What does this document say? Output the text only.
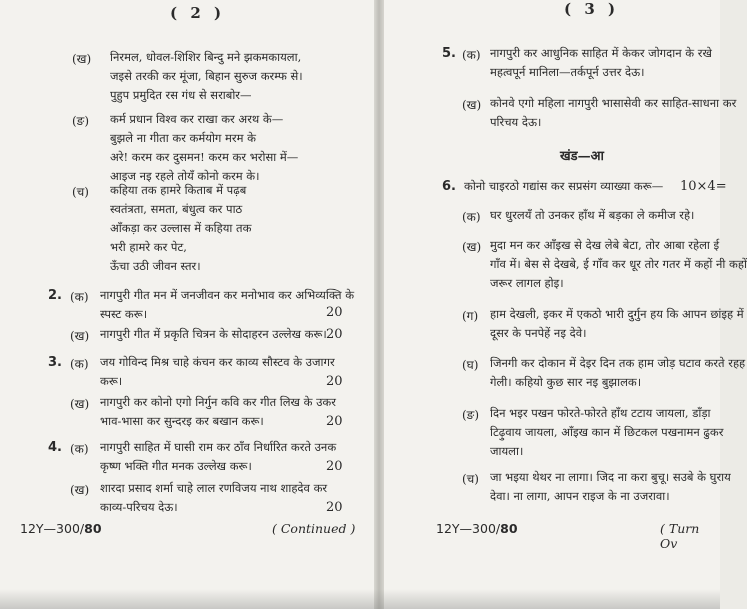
( 2 )
(ख) निरमल, धोवल-शिशिर बिन्दु मने झकमकायला,
जइसे तरकी कर मूंजा, बिहान सुरुज करम्फ से।
पुहुप प्रमुदित रस गंध से सराबोर—
(ङ) कर्म प्रधान विश्व कर राखा कर अरथ के—
बुझले ना गीता कर कर्मयोग मरम के
अरे! करम कर दुसमन! करम कर भरोसा में—
आइज नइ रहले तोयँ कोनो करम के।
(च) कहिया तक हामरे किताब में पढ़ब
स्वतंत्रता, समता, बंधुत्व कर पाठ
आँकड़ा कर उल्लास में कहिया तक
भरी हामरे कर पेट,
ऊँचा उठी जीवन स्तर।
2. (क) नागपुरी गीत मन में जनजीवन कर मनोभाव कर अभिव्यक्ति के
स्पस्ट करू।	20
(ख) नागपुरी गीत में प्रकृति चित्रन के सोदाहरन उल्लेख करू। 20
3. (क) जय गोविन्द मिश्र चाहे कंचन कर काव्य सौस्टव के उजागर
करू।	20
(ख) नागपुरी कर कोनो एगो निर्गुन कवि कर गीत लिख के उकर
भाव-भासा कर सुन्दरइ कर बखान करू।	20
4. (क) नागपुरी साहित में घासी राम कर ठाँव निर्धारित करते उनक
कृष्ण भक्ति गीत मनक उल्लेख करू।	20
(ख) शारदा प्रसाद शर्मा चाहे लाल रणविजय नाथ शाहदेव कर
काव्य-परिचय देऊ।	20
12Y—300/80	( Continued )
( 3 )
5. (क) नागपुरी कर आधुनिक साहित में केकर जोगदान के रखे
महत्वपूर्न मानिला—तर्कपूर्न उत्तर देऊ।
(ख) कोनवे एगो महिला नागपुरी भासासेवी कर साहित-साधना कर
परिचय देऊ।
खंड—आ
6. कोनो चाइरठो गद्यांस कर सप्रसंग व्याख्या करू— 10×4=
(क) घर धुरलयँ तो उनकर हाँथ में बड़का ले कमीज रहे।
(ख) मुदा मन कर आँइख से देख लेबे बेटा, तोर आबा रहेला ई
गाँव में। बेस से देखबे, ई गाँव कर धूर तोर गतर में कहों नी कहों
जरूर लागल होइ।
(ग) हाम देखली, इकर में एकठो भारी दुर्गुन हय कि आपन छांइह में
दूसर के पनपेहें नइ देवे।
(घ) जिनगी कर दोकान में देइर दिन तक हाम जोड़ घटाव करते रहह
गेली। कहियो कुछ सार नइ बुझालक।
(ङ) दिन भइर पखन फोरते-फोरते हाँथ टटाय जायला, डाँड़ा
टिढ़ुवाय जायला, आँइख कान में छिटकल पखनामन ढुकर
जायला।
(च) जा भइया थेथर ना लागा। जिद ना करा बुचू। सउबे के घुराय
देवा। ना लागा, आपन राइज के ना उजरावा।
12Y—300/80	( Turn Ov
